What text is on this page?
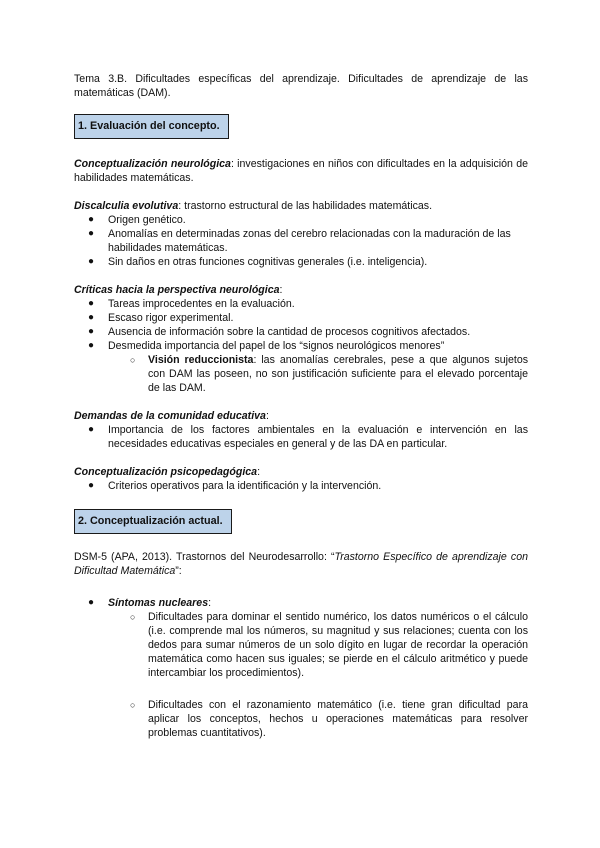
Tema 3.B. Dificultades específicas del aprendizaje. Dificultades de aprendizaje de las matemáticas (DAM).

1. Evaluación del concepto.

Conceptualización neurológica: investigaciones en niños con dificultades en la adquisición de habilidades matemáticas.

Discalculia evolutiva: trastorno estructural de las habilidades matemáticas.

● Origen genético.
● Anomalías en determinadas zonas del cerebro relacionadas con la maduración de las habilidades matemáticas.
● Sin daños en otras funciones cognitivas generales (i.e. inteligencia).

Críticas hacia la perspectiva neurológica:

● Tareas improcedentes en la evaluación.
● Escaso rigor experimental.
● Ausencia de información sobre la cantidad de procesos cognitivos afectados.
● Desmedida importancia del papel de los “signos neurológicos menores”
○ Visión reduccionista: las anomalías cerebrales, pese a que algunos sujetos con DAM las poseen, no son justificación suficiente para el elevado porcentaje de las DAM.

Demandas de la comunidad educativa:

● Importancia de los factores ambientales en la evaluación e intervención en las necesidades educativas especiales en general y de las DA en particular.

Conceptualización psicopedagógica:

● Criterios operativos para la identificación y la intervención.
2. Conceptualización actual.

DSM-5 (APA, 2013). Trastornos del Neurodesarrollo: “Trastorno Específico de aprendizaje con Dificultad Matemática”:

● Síntomas nucleares:
○ Dificultades para dominar el sentido numérico, los datos numéricos o el cálculo (i.e. comprende mal los números, su magnitud y sus relaciones; cuenta con los dedos para sumar números de un solo dígito en lugar de recordar la operación matemática como hacen sus iguales; se pierde en el cálculo aritmético y puede intercambiar los procedimientos).
○ Dificultades con el razonamiento matemático (i.e. tiene gran dificultad para aplicar los conceptos, hechos u operaciones matemáticas para resolver problemas cuantitativos).
